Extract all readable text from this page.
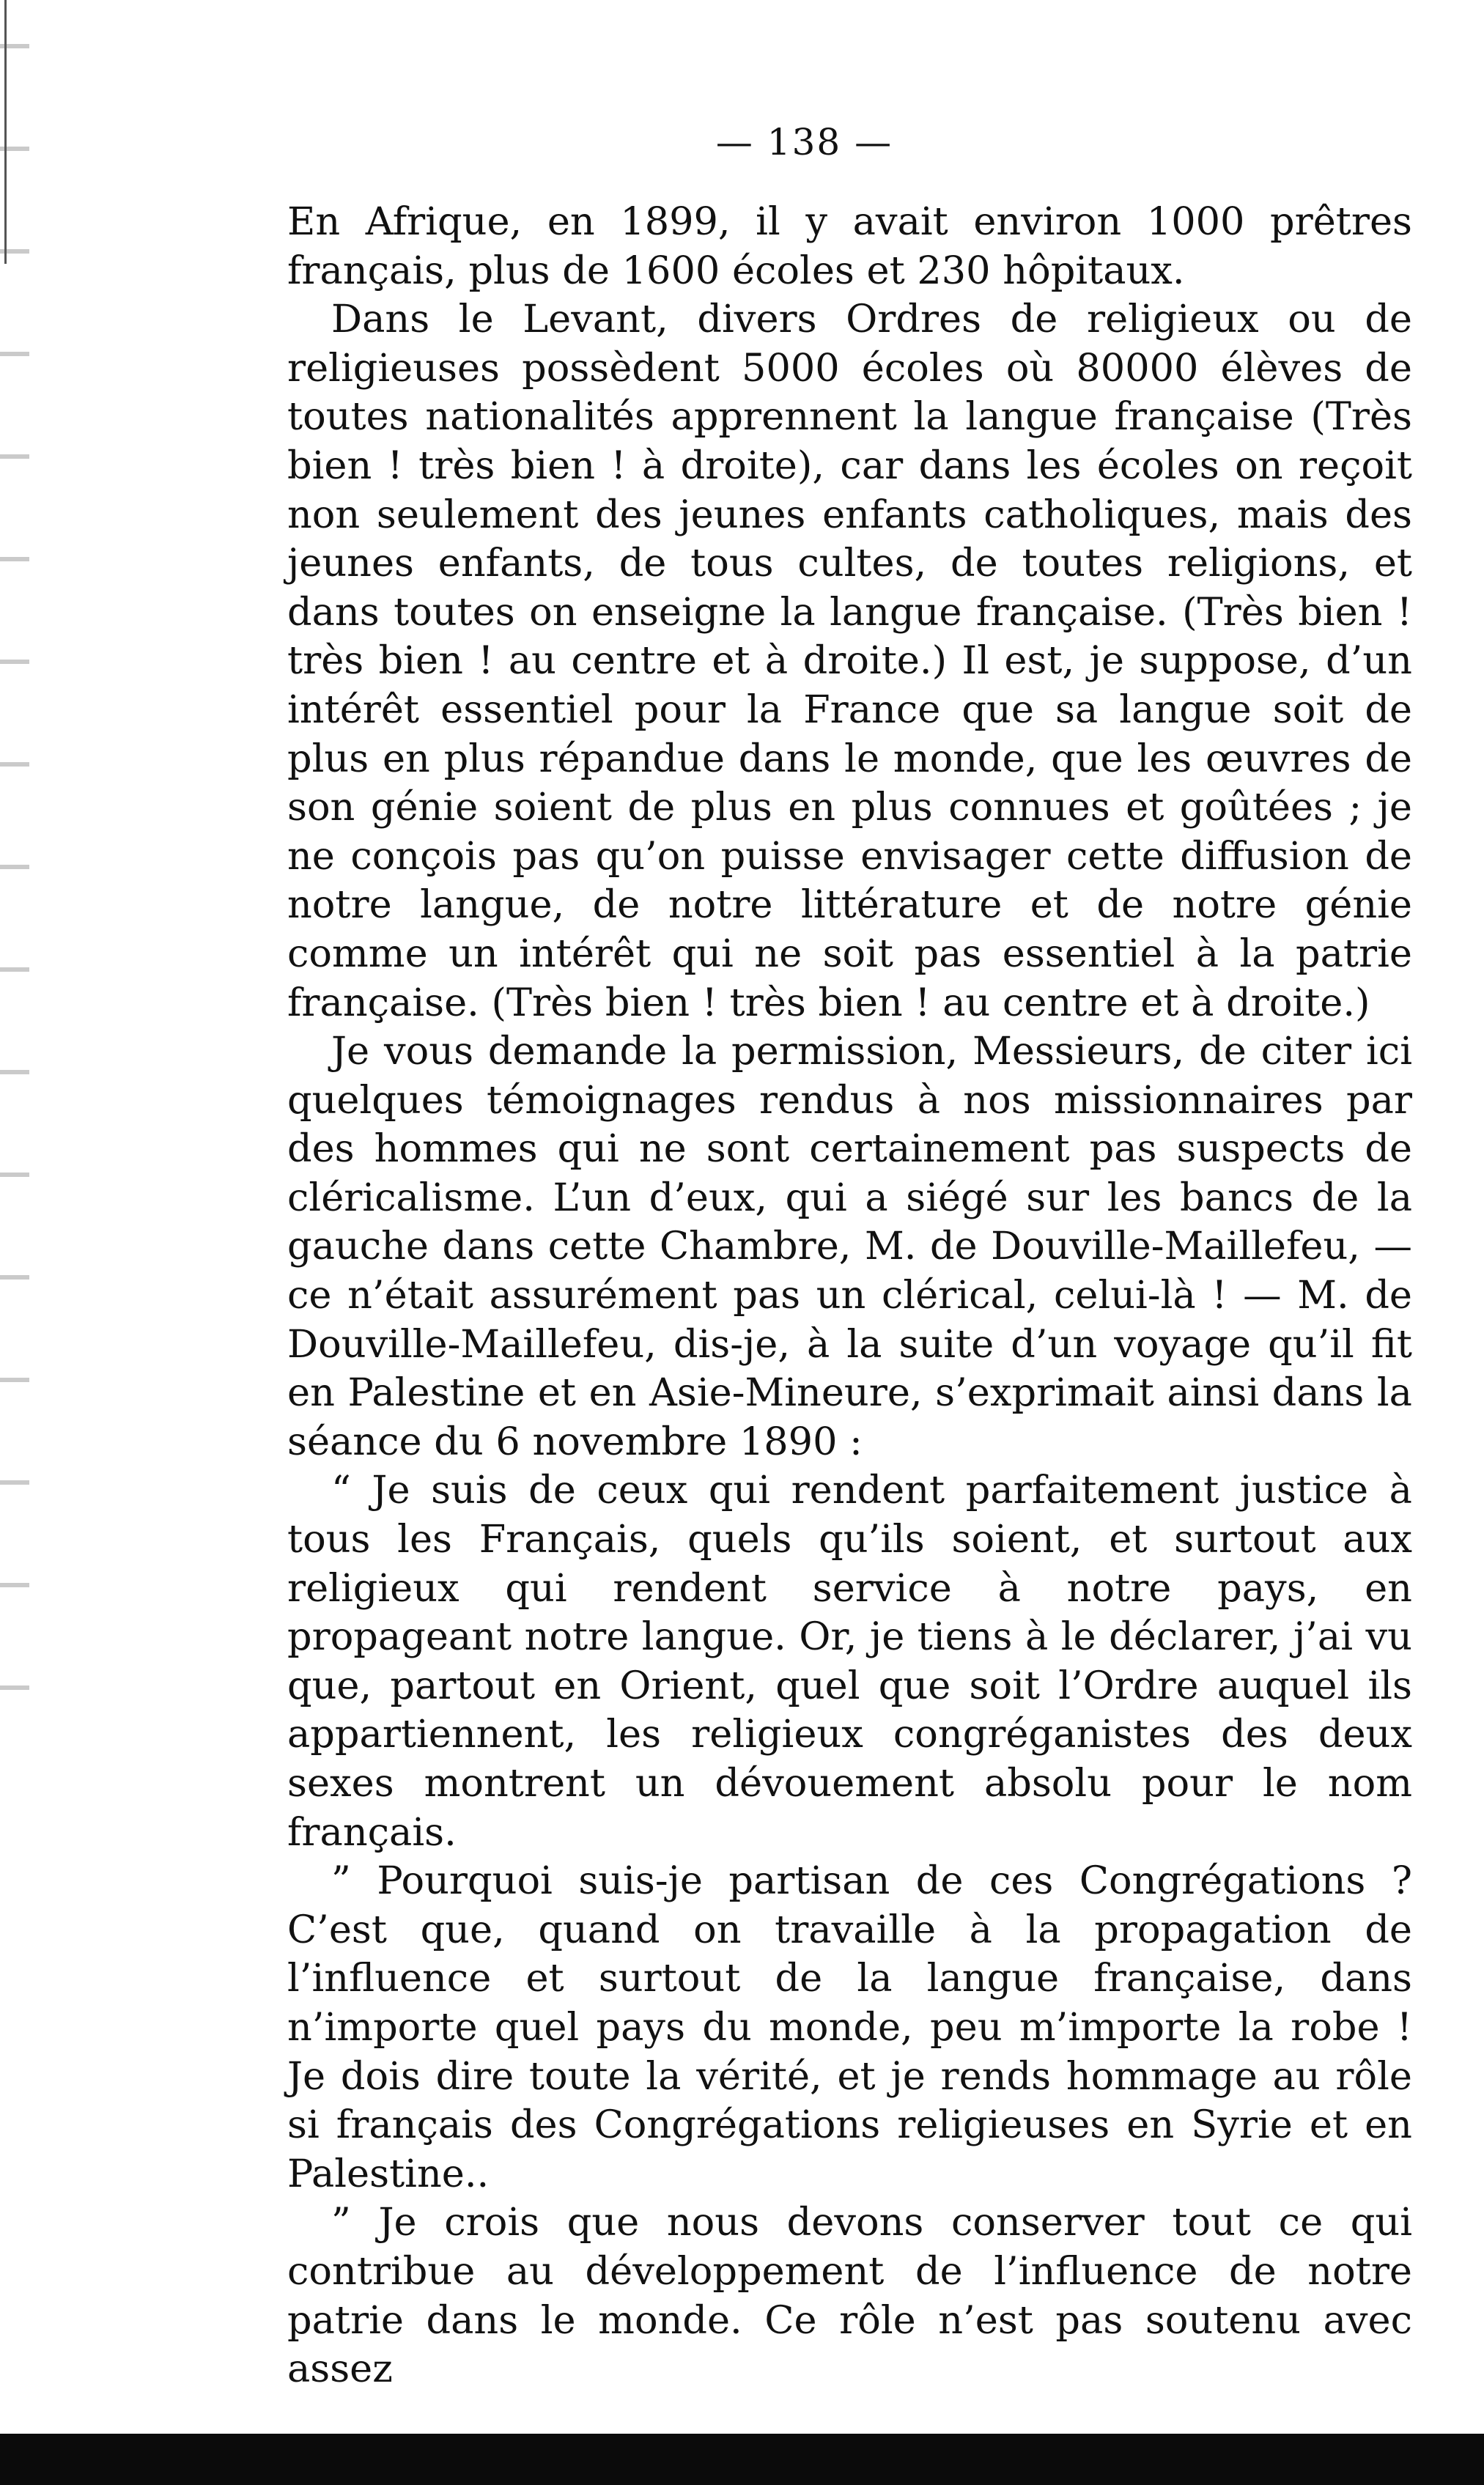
— 138 —

En Afrique, en 1899, il y avait environ 1000 prêtres français, plus de 1600 écoles et 230 hôpitaux.

Dans le Levant, divers Ordres de religieux ou de religieuses possèdent 5000 écoles où 80000 élèves de toutes nationalités apprennent la langue française (Très bien ! très bien ! à droite), car dans les écoles on reçoit non seulement des jeunes enfants catholiques, mais des jeunes enfants, de tous cultes, de toutes religions, et dans toutes on enseigne la langue française. (Très bien ! très bien ! au centre et à droite.) Il est, je suppose, d’un intérêt essentiel pour la France que sa langue soit de plus en plus répandue dans le monde, que les œuvres de son génie soient de plus en plus connues et goûtées ; je ne conçois pas qu’on puisse envisager cette diffusion de notre langue, de notre littérature et de notre génie comme un intérêt qui ne soit pas essentiel à la patrie française. (Très bien ! très bien ! au centre et à droite.)

Je vous demande la permission, Messieurs, de citer ici quelques témoignages rendus à nos missionnaires par des hommes qui ne sont certainement pas suspects de cléricalisme. L’un d’eux, qui a siégé sur les bancs de la gauche dans cette Chambre, M. de Douville-Maillefeu, — ce n’était assurément pas un clérical, celui-là ! — M. de Douville-Maillefeu, dis-je, à la suite d’un voyage qu’il fit en Palestine et en Asie-Mineure, s’exprimait ainsi dans la séance du 6 novembre 1890 :

“ Je suis de ceux qui rendent parfaitement justice à tous les Français, quels qu’ils soient, et surtout aux religieux qui rendent service à notre pays, en propageant notre langue. Or, je tiens à le déclarer, j’ai vu que, partout en Orient, quel que soit l’Ordre auquel ils appartiennent, les religieux congréganistes des deux sexes montrent un dévouement absolu pour le nom français.

” Pourquoi suis-je partisan de ces Congrégations ? C’est que, quand on travaille à la propagation de l’influence et surtout de la langue française, dans n’importe quel pays du monde, peu m’importe la robe ! Je dois dire toute la vérité, et je rends hommage au rôle si français des Congrégations religieuses en Syrie et en Palestine..

” Je crois que nous devons conserver tout ce qui contribue au développement de l’influence de notre patrie dans le monde. Ce rôle n’est pas soutenu avec assez
